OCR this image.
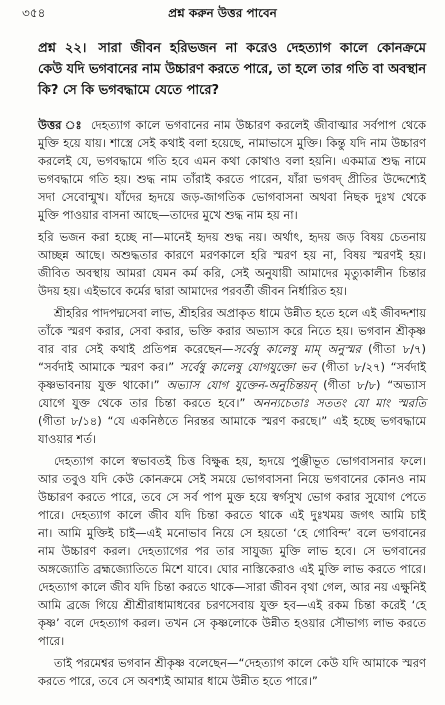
৩৫৪	প্রশ্ন করুন উত্তর পাবেন
প্রশ্ন ২২। সারা জীবন হরিভজন না করেও দেহত্যাগ কালে কোনক্রমে
কেউ যদি ভগবানের নাম উচ্চারণ করতে পারে, তা হলে তার গতি বা অবস্থান
কি? সে কি ভগবদ্ধামে যেতে পারে?
উত্তর ঃ দেহত্যাগ কালে ভগবানের নাম উচ্চারণ করলেই জীবাত্মার সর্বপাপ থেকে
মুক্তি হয়ে যায়। শাস্ত্রে সেই কথাই বলা হয়েছে, নামাভাসে মুক্তি। কিন্তু যদি নাম উচ্চারণ
করলেই যে, ভগবদ্ধামে গতি হবে এমন কথা কোথাও বলা হয়নি। একমাত্র শুদ্ধ নামে
ভগবদ্ধামে গতি হয়। শুদ্ধ নাম তাঁরাই করতে পারেন, যাঁরা ভগবদ্ প্রীতির উদ্দেশ্যেই
সদা সেবোন্মুখ। যাঁদের হৃদয়ে জড়-জাগতিক ভোগবাসনা অথবা নিছক দুঃখ থেকে
মুক্তি পাওয়ার বাসনা আছে—তাদের মুখে শুদ্ধ নাম হয় না।
হরি ভজন করা হচ্ছে না—মানেই হৃদয় শুদ্ধ নয়। অর্থাৎ, হৃদয় জড় বিষয় চেতনায়
আচ্ছন্ন আছে। অশুদ্ধতার কারণে মরণকালে হরি স্মরণ হয় না, বিষয় স্মরণই হয়।
জীবিত অবস্থায় আমরা যেমন কর্ম করি, সেই অনুযায়ী আমাদের মৃত্যুকালীন চিন্তার
উদয় হয়। এইভাবে কর্মের দ্বারা আমাদের পরবর্তী জীবন নির্ধারিত হয়।
শ্রীহরির পাদপদ্মসেবা লাভ, শ্রীহরির অপ্রাকৃত ধামে উন্নীত হতে হলে এই জীবদ্দশায়
তাঁকে স্মরণ করার, সেবা করার, ভক্তি করার অভ্যাস করে নিতে হয়। ভগবান শ্রীকৃষ্ণ
বার বার সেই কথাই প্রতিপন্ন করেছেন—সর্বেষু কালেষু মাম্ অনুস্মর (গীতা ৮/৭)
“সর্বদাই আমাকে স্মরণ কর।” সর্বেষু কালেষু যোগযুক্তো ভব (গীতা ৮/২৭) “সর্বদাই
কৃষ্ণভাবনায় যুক্ত থাকো।” অভ্যাস যোগ যুক্তেন-অনুচিন্তয়ন্ (গীতা ৮/৮) “অভ্যাস
যোগে যুক্ত থেকে তার চিন্তা করতে হবে।” অনন্যচেতাঃ সততং যো মাং স্মরতি
(গীতা ৮/১৪) “যে একনিষ্ঠতে নিরন্তর আমাকে স্মরণ করছে।” এই হচ্ছে ভগবদ্ধামে
যাওয়ার শর্ত।
দেহত্যাগ কালে স্বভাবতই চিত্ত বিক্ষুব্ধ হয়, হৃদয়ে পুঞ্জীভূত ভোগবাসনার ফলে।
আর তবুও যদি কেউ কোনক্রমে সেই সময়ে ভোগবাসনা নিয়ে ভগবানের কোনও নাম
উচ্চারণ করতে পারে, তবে সে সর্ব পাপ মুক্ত হয়ে স্বর্গসুখ ভোগ করার সুযোগ পেতে
পারে। দেহত্যাগ কালে জীব যদি চিন্তা করতে থাকে এই দুঃখময় জগৎ আমি চাই
না। আমি মুক্তিই চাই—এই মনোভাব নিয়ে সে হয়তো ‘হে গোবিন্দ’ বলে ভগবানের
নাম উচ্চারণ করল। দেহত্যাগের পর তার সাযুজ্য মুক্তি লাভ হবে। সে ভগবানের
অঙ্গজ্যোতি ব্রহ্মজ্যোতিতে মিশে যাবে। ঘোর নাস্তিকেরাও এই মুক্তি লাভ করতে পারে।
দেহত্যাগ কালে জীব যদি চিন্তা করতে থাকে—সারা জীবন বৃথা গেল, আর নয় এক্ষুনিই
আমি ব্রজে গিয়ে শ্রীশ্রীরাধামাধবের চরণসেবায় যুক্ত হব—এই রকম চিন্তা করেই ‘হে
কৃষ্ণ’ বলে দেহত্যাগ করল। তখন সে কৃষ্ণলোকে উন্নীত হওয়ার সৌভাগ্য লাভ করতে
পারে।
তাই পরমেশ্বর ভগবান শ্রীকৃষ্ণ বলেছেন—“দেহত্যাগ কালে কেউ যদি আমাকে স্মরণ
করতে পারে, তবে সে অবশ্যই আমার ধামে উন্নীত হতে পারে।”
